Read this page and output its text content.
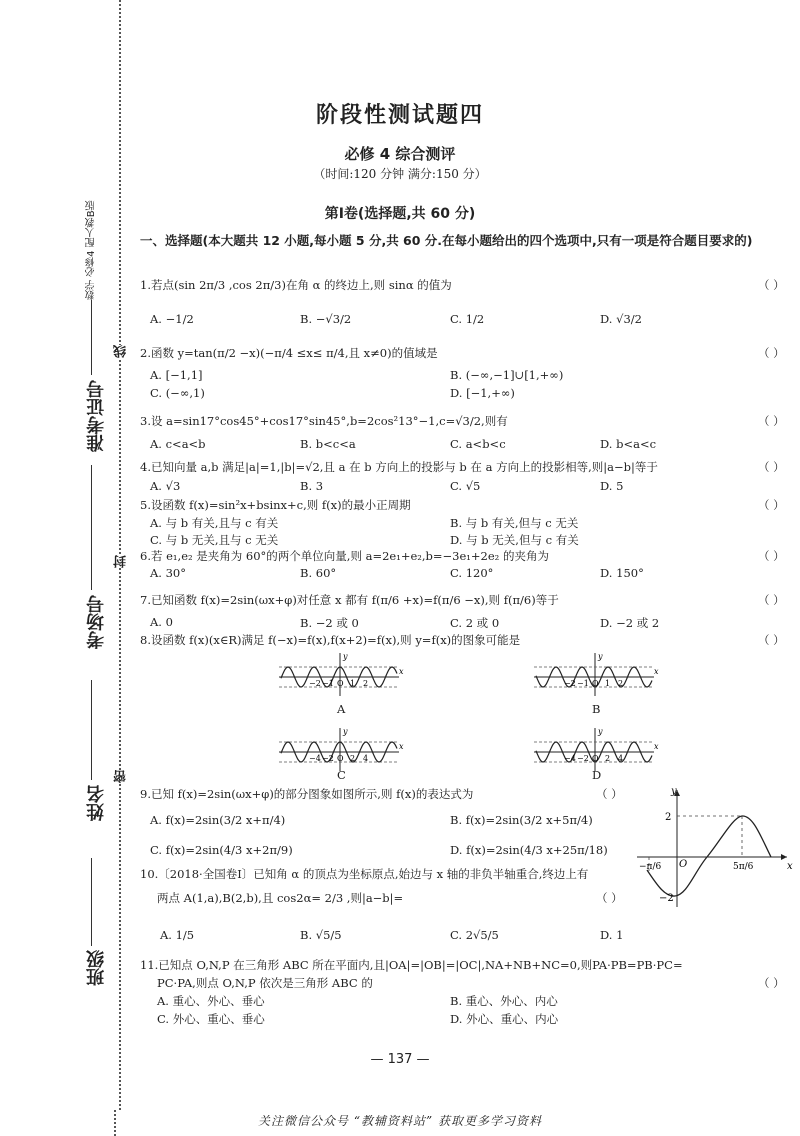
数学 必修4 配人教B版
准考证号
考场号
姓名
班级
线
封
密
阶段性测试题四
必修 4 综合测评
（时间:120 分钟 满分:150 分）
第Ⅰ卷(选择题,共 60 分)
一、选择题(本大题共 12 小题,每小题 5 分,共 60 分.在每小题给出的四个选项中,只有一项是符合题目要求的)
1.若点(sin 2π/3 ,cos 2π/3)在角 α 的终边上,则 sinα 的值为	（ ）
A. −1/2	B. −√3/2	C. 1/2	D. √3/2
2.函数 y=tan(π/2 −x)(−π/4 ≤x≤ π/4,且 x≠0)的值域是	（ ）
A. [−1,1]	B. (−∞,−1]∪[1,+∞)
C. (−∞,1)	D. [−1,+∞)
3.设 a=sin17°cos45°+cos17°sin45°,b=2cos²13°−1,c=√3/2,则有	（ ）
A. c<a<b	B. b<c<a	C. a<b<c	D. b<a<c
4.已知向量 a,b 满足|a|=1,|b|=√2,且 a 在 b 方向上的投影与 b 在 a 方向上的投影相等,则|a−b|等于	（ ）
A. √3	B. 3	C. √5	D. 5
5.设函数 f(x)=sin²x+bsinx+c,则 f(x)的最小正周期	（ ）
A. 与 b 有关,且与 c 有关	B. 与 b 有关,但与 c 无关
C. 与 b 无关,且与 c 无关	D. 与 b 无关,但与 c 有关
6.若 e₁,e₂ 是夹角为 60°的两个单位向量,则 a=2e₁+e₂,b=−3e₁+2e₂ 的夹角为	（ ）
A. 30°	B. 60°	C. 120°	D. 150°
7.已知函数 f(x)=2sin(ωx+φ)对任意 x 都有 f(π/6 +x)=f(π/6 −x),则 f(π/6)等于	（ ）
A. 0	B. −2 或 0	C. 2 或 0	D. −2 或 2
8.设函数 f(x)(x∈R)满足 f(−x)=f(x),f(x+2)=f(x),则 y=f(x)的图象可能是	（ ）
−2 −1 O 1 2
y
x
−2 −1 O 1 2
y
x
−4 −2 O 2 4
y
x
−4 −2 O 2 4
y
x
A	B
C	D
9.已知 f(x)=2sin(ωx+φ)的部分图象如图所示,则 f(x)的表达式为	（ ）
A. f(x)=2sin(3/2 x+π/4)	B. f(x)=2sin(3/2 x+5π/4)
C. f(x)=2sin(4/3 x+2π/9)	D. f(x)=2sin(4/3 x+25π/18)
y
x
O
2
−2
−π/6	5π/6
10.〔2018·全国卷Ⅰ〕已知角 α 的顶点为坐标原点,始边与 x 轴的非负半轴重合,终边上有
两点 A(1,a),B(2,b),且 cos2α= 2/3 ,则|a−b|=	（ ）
A. 1/5	B. √5/5	C. 2√5/5	D. 1
11.已知点 O,N,P 在三角形 ABC 所在平面内,且|OA|=|OB|=|OC|,NA+NB+NC=0,则PA·PB=PB·PC=
PC·PA,则点 O,N,P 依次是三角形 ABC 的	（ ）
A. 重心、外心、垂心	B. 重心、外心、内心
C. 外心、重心、垂心	D. 外心、重心、内心
— 137 —
关注微信公众号 “教辅资料站” 获取更多学习资料
